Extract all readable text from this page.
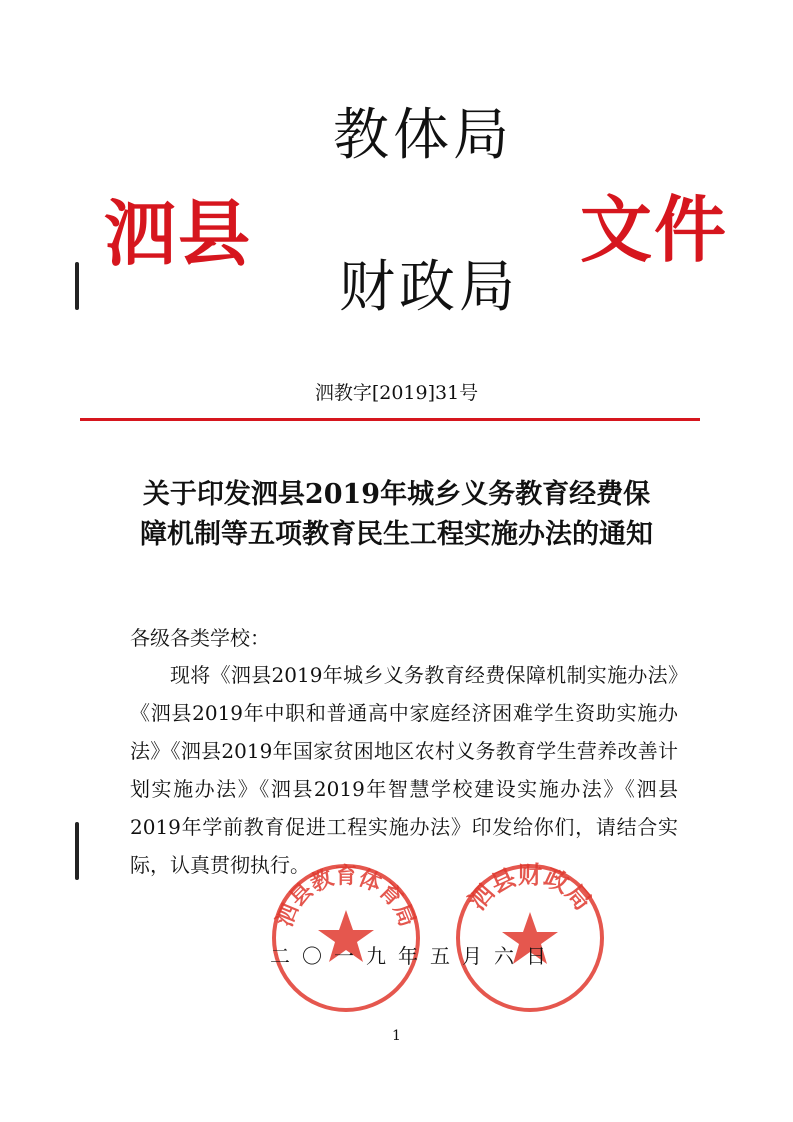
教体局
泗县	文件
财政局
泗教字[2019]31号
关于印发泗县2019年城乡义务教育经费保
障机制等五项教育民生工程实施办法的通知
各级各类学校：
现将《泗县2019年城乡义务教育经费保障机制实施办法》《泗县2019年中职和普通高中家庭经济困难学生资助实施办法》《泗县2019年国家贫困地区农村义务教育学生营养改善计划实施办法》《泗县2019年智慧学校建设实施办法》《泗县2019年学前教育促进工程实施办法》印发给你们，请结合实际，认真贯彻执行。
泗县教育体育局 泗县财政局
二〇一九年五月六日
1
